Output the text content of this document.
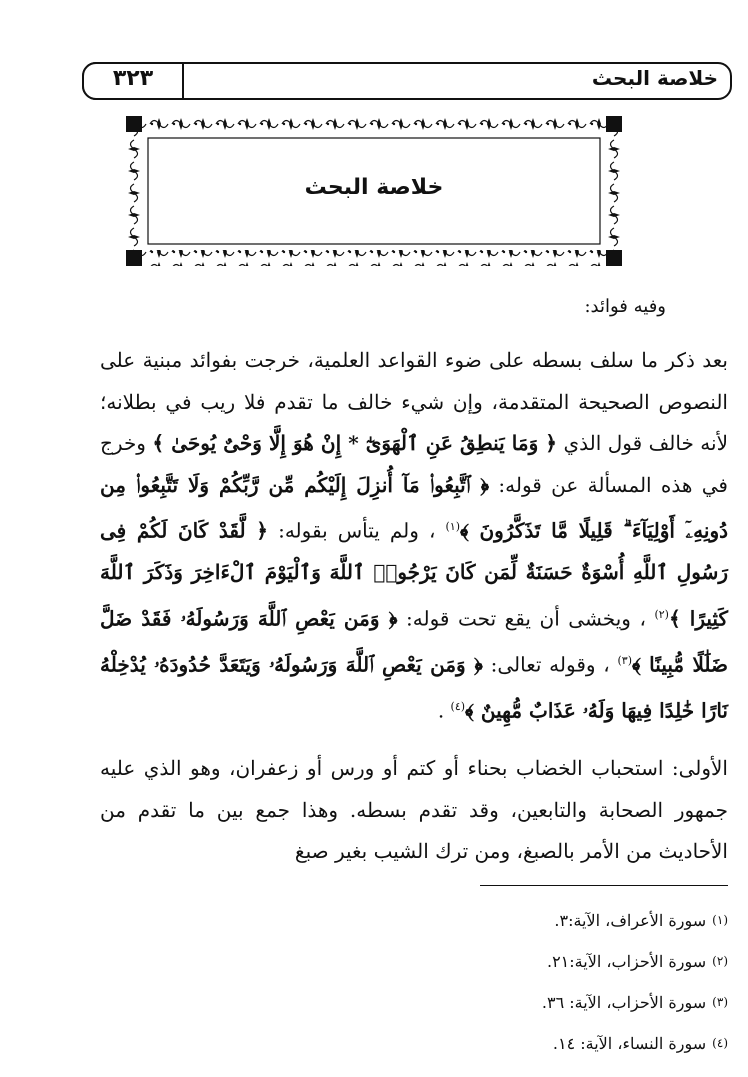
٣٢٣	خلاصة البحث
خلاصة البحث
وفيه فوائد:

بعد ذكر ما سلف بسطه على ضوء القواعد العلمية، خرجت بفوائد مبنية على النصوص الصحيحة المتقدمة، وإن شيء خالف ما تقدم فلا ريب في بطلانه؛ لأنه خالف قول الذي ﴿ وَمَا يَنطِقُ عَنِ ٱلْهَوَىٰٓ * إِنْ هُوَ إِلَّا وَحْىٌ يُوحَىٰ ﴾ وخرج في هذه المسألة عن قوله: ﴿ ٱتَّبِعُوا۟ مَآ أُنزِلَ إِلَيْكُم مِّن رَّبِّكُمْ وَلَا تَتَّبِعُوا۟ مِن دُونِهِۦٓ أَوْلِيَآءَ ۗ قَلِيلًا مَّا تَذَكَّرُونَ ﴾$^{(١)}$ ، ولم يتأس بقوله: ﴿ لَّقَدْ كَانَ لَكُمْ فِى رَسُولِ ٱللَّهِ أُسْوَةٌ حَسَنَةٌ لِّمَن كَانَ يَرْجُوا۟ ٱللَّهَ وَٱلْيَوْمَ ٱلْءَاخِرَ وَذَكَرَ ٱللَّهَ كَثِيرًا ﴾$^{(٢)}$ ، ويخشى أن يقع تحت قوله: ﴿ وَمَن يَعْصِ ٱللَّهَ وَرَسُولَهُۥ فَقَدْ ضَلَّ ضَلَٰلًا مُّبِينًا ﴾$^{(٣)}$ ، وقوله تعالى: ﴿ وَمَن يَعْصِ ٱللَّهَ وَرَسُولَهُۥ وَيَتَعَدَّ حُدُودَهُۥ يُدْخِلْهُ نَارًا خَٰلِدًا فِيهَا وَلَهُۥ عَذَابٌ مُّهِينٌ ﴾$^{(٤)}$ .

الأولى: استحباب الخضاب بحناء أو كتم أو ورس أو زعفران، وهو الذي عليه جمهور الصحابة والتابعين، وقد تقدم بسطه. وهذا جمع بين ما تقدم من الأحاديث من الأمر بالصبغ، ومن ترك الشيب بغير صبغ

(١)
سورة الأعراف، الآية:٣.
(٢)
سورة الأحزاب، الآية:٢١.
(٣)
سورة الأحزاب، الآية: ٣٦.
(٤)
سورة النساء، الآية: ١٤.
